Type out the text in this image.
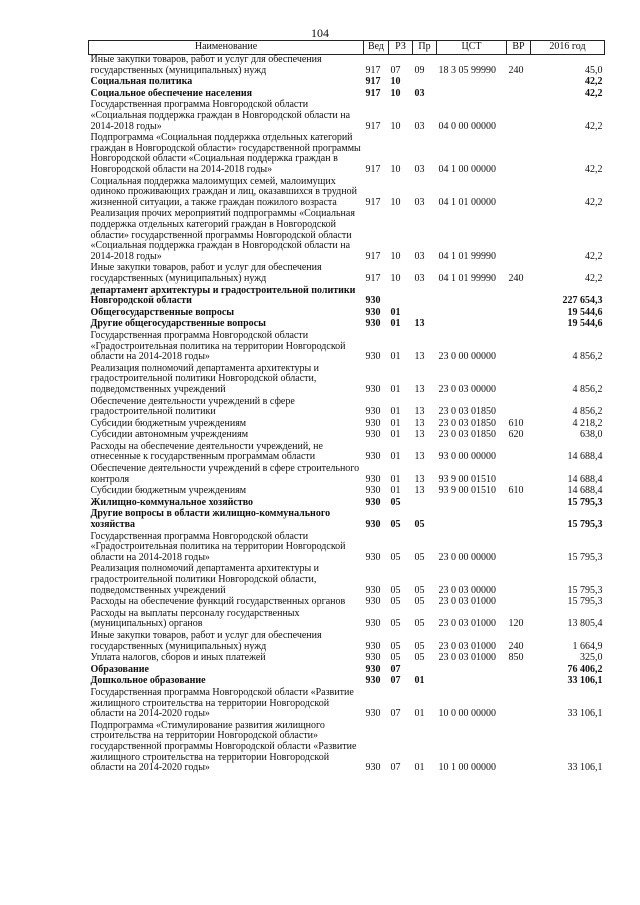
104
Наименование	Вед	РЗ	Пр	ЦСТ	ВР	2016 год
Иные закупки товаров, работ и услуг для обеспечения государственных (муниципальных) нужд	917	07	09	18 3 05 99990	240	45,0
Социальная политика	917	10				42,2
Социальное обеспечение населения	917	10	03			42,2
Государственная программа Новгородской области «Социальная поддержка граждан в Новгородской области на 2014-2018 годы»	917	10	03	04 0 00 00000		42,2
Подпрограмма «Социальная поддержка отдельных категорий граждан в Новгородской области» государственной программы Новгородской области «Социальная поддержка граждан в Новгородской области на 2014-2018 годы»	917	10	03	04 1 00 00000		42,2
Социальная поддержка малоимущих семей, малоимущих одиноко проживающих граждан и лиц, оказавшихся в трудной жизненной ситуации, а также граждан пожилого возраста	917	10	03	04 1 01 00000		42,2
Реализация прочих мероприятий подпрограммы «Социальная поддержка отдельных категорий граждан в Новгородской области» государственной программы Новгородской области «Социальная поддержка граждан в Новгородской области на 2014-2018 годы»	917	10	03	04 1 01 99990		42,2
Иные закупки товаров, работ и услуг для обеспечения государственных (муниципальных) нужд	917	10	03	04 1 01 99990	240	42,2
департамент архитектуры и градостроительной политики Новгородской области	930					227 654,3
Общегосударственные вопросы	930	01				19 544,6
Другие общегосударственные вопросы	930	01	13			19 544,6
Государственная программа Новгородской области «Градостроительная политика на территории Новгородской области на 2014-2018 годы»	930	01	13	23 0 00 00000		4 856,2
Реализация полномочий департамента архитектуры и градостроительной политики Новгородской области, подведомственных учреждений	930	01	13	23 0 03 00000		4 856,2
Обеспечение деятельности учреждений в сфере градостроительной политики	930	01	13	23 0 03 01850		4 856,2
Субсидии бюджетным учреждениям	930	01	13	23 0 03 01850	610	4 218,2
Субсидии автономным учреждениям	930	01	13	23 0 03 01850	620	638,0
Расходы на обеспечение деятельности учреждений, не отнесенные к государственным программам области	930	01	13	93 0 00 00000		14 688,4
Обеспечение деятельности учреждений в сфере строительного контроля	930	01	13	93 9 00 01510		14 688,4
Субсидии бюджетным учреждениям	930	01	13	93 9 00 01510	610	14 688,4
Жилищно-коммунальное хозяйство	930	05				15 795,3
Другие вопросы в области жилищно-коммунального хозяйства	930	05	05			15 795,3
Государственная программа Новгородской области «Градостроительная политика на территории Новгородской области на 2014-2018 годы»	930	05	05	23 0 00 00000		15 795,3
Реализация полномочий департамента архитектуры и градостроительной политики Новгородской области, подведомственных учреждений	930	05	05	23 0 03 00000		15 795,3
Расходы на обеспечение функций государственных органов	930	05	05	23 0 03 01000		15 795,3
Расходы на выплаты персоналу государственных (муниципальных) органов	930	05	05	23 0 03 01000	120	13 805,4
Иные закупки товаров, работ и услуг для обеспечения государственных (муниципальных) нужд	930	05	05	23 0 03 01000	240	1 664,9
Уплата налогов, сборов и иных платежей	930	05	05	23 0 03 01000	850	325,0
Образование	930	07				76 406,2
Дошкольное образование	930	07	01			33 106,1
Государственная программа Новгородской области «Развитие жилищного строительства на территории Новгородской области на 2014-2020 годы»	930	07	01	10 0 00 00000		33 106,1
Подпрограмма «Стимулирование развития жилищного строительства на территории Новгородской области» государственной программы Новгородской области «Развитие жилищного строительства на территории Новгородской области на 2014-2020 годы»	930	07	01	10 1 00 00000		33 106,1
